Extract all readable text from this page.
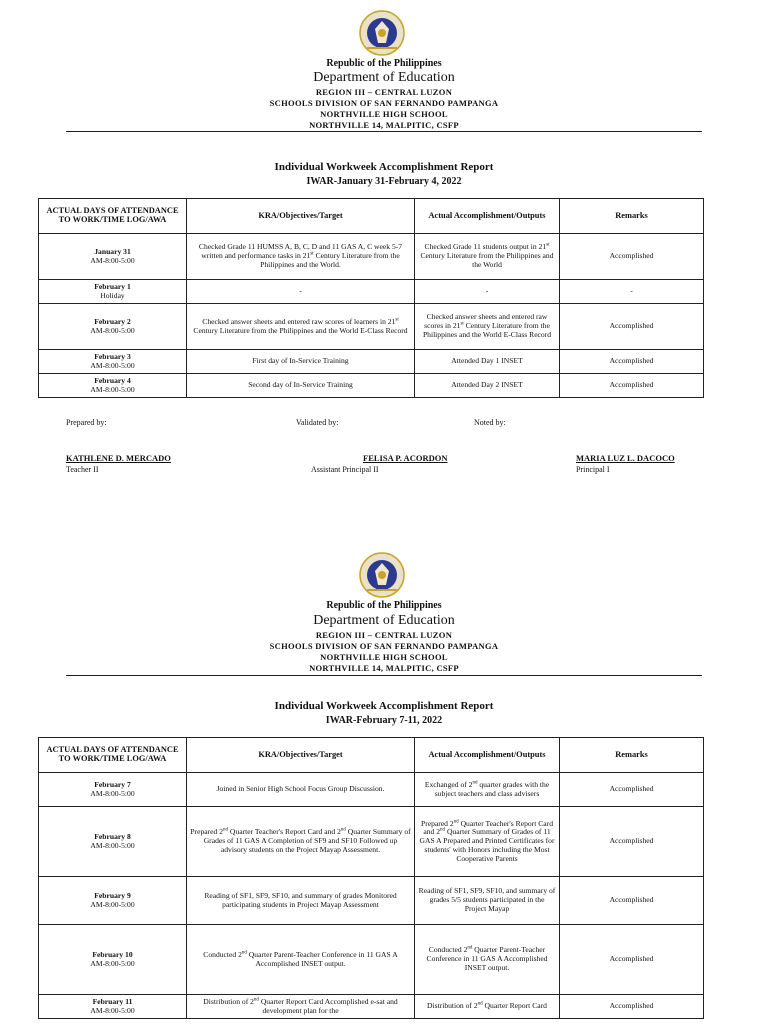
Republic of the Philippines
Department of Education
REGION III – CENTRAL LUZON
SCHOOLS DIVISION OF SAN FERNANDO PAMPANGA
NORTHVILLE HIGH SCHOOL
NORTHVILLE 14, MALPITIC, CSFP
Individual Workweek Accomplishment Report
IWAR-January 31-February 4, 2022
ACTUAL DAYS OF ATTENDANCE TO WORK/TIME LOG/AWA	KRA/Objectives/Target	Actual Accomplishment/Outputs	Remarks

January 31
AM-8:00-5:00	Checked Grade 11 HUMSS A, B, C, D and 11 GAS A, C week 5-7 written and performance tasks in 21st Century Literature from the Philippines and the World.	Checked Grade 11 students output in 21st Century Literature from the Philippines and the World	Accomplished

February 1
Holiday	-	-	-

February 2
AM-8:00-5:00	Checked answer sheets and entered raw scores of learners in 21st Century Literature from the Philippines and the World E-Class Record	Checked answer sheets and entered raw scores in 21st Century Literature from the Philippines and the World E-Class Record	Accomplished

February 3
AM-8:00-5:00	First day of In-Service Training	Attended Day 1 INSET	Accomplished

February 4
AM-8:00-5:00	Second day of In-Service Training	Attended Day 2 INSET	Accomplished
Prepared by:	Validated by:	Noted by:
KATHLENE D. MERCADO	FELISA P. ACORDON	MARIA LUZ L. DACOCO
Teacher II	Assistant Principal II	Principal I
Republic of the Philippines
Department of Education
REGION III – CENTRAL LUZON
SCHOOLS DIVISION OF SAN FERNANDO PAMPANGA
NORTHVILLE HIGH SCHOOL
NORTHVILLE 14, MALPITIC, CSFP
Individual Workweek Accomplishment Report
IWAR-February 7-11, 2022
ACTUAL DAYS OF ATTENDANCE TO WORK/TIME LOG/AWA	KRA/Objectives/Target	Actual Accomplishment/Outputs	Remarks

February 7
AM-8:00-5:00	Joined in Senior High School Focus Group Discussion.	Exchanged of 2nd quarter grades with the subject teachers and class advisers	Accomplished

February 8
AM-8:00-5:00	Prepared 2nd Quarter Teacher's Report Card and 2nd Quarter Summary of Grades of 11 GAS A Completion of SF9 and SF10 Followed up advisory students on the Project Mayap Assessment.	Prepared 2nd Quarter Teacher's Report Card and 2nd Quarter Summary of Grades of 11 GAS A Prepared and Printed Certificates for students' with Honors including the Most Cooperative Parents	Accomplished

February 9
AM-8:00-5:00	Reading of SF1, SF9, SF10, and summary of grades Monitored participating students in Project Mayap Assessment	Reading of SF1, SF9, SF10, and summary of grades 5/5 students participated in the Project Mayap	Accomplished

February 10
AM-8:00-5:00	Conducted 2nd Quarter Parent-Teacher Conference in 11 GAS A Accomplished INSET output.	Conducted 2nd Quarter Parent-Teacher Conference in 11 GAS A Accomplished INSET output.	Accomplished

February 11
AM-8:00-5:00	Distribution of 2nd Quarter Report Card Accomplished e-sat and development plan for the	Distribution of 2nd Quarter Report Card	Accomplished
